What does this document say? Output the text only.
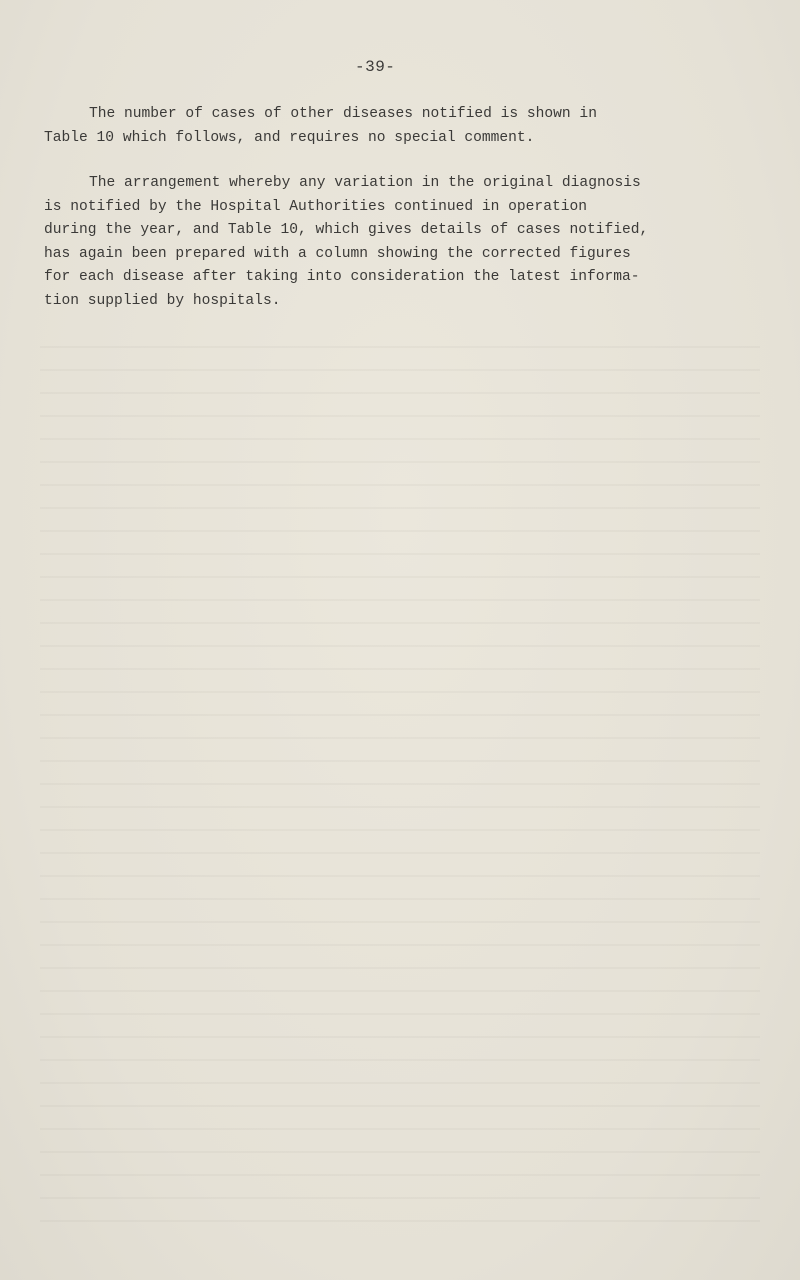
-39-

The number of cases of other diseases notified is shown in
Table 10 which follows, and requires no special comment.

The arrangement whereby any variation in the original diagnosis
is notified by the Hospital Authorities continued in operation
during the year, and Table 10, which gives details of cases notified,
has again been prepared with a column showing the corrected figures
for each disease after taking into consideration the latest informa-
tion supplied by hospitals.
